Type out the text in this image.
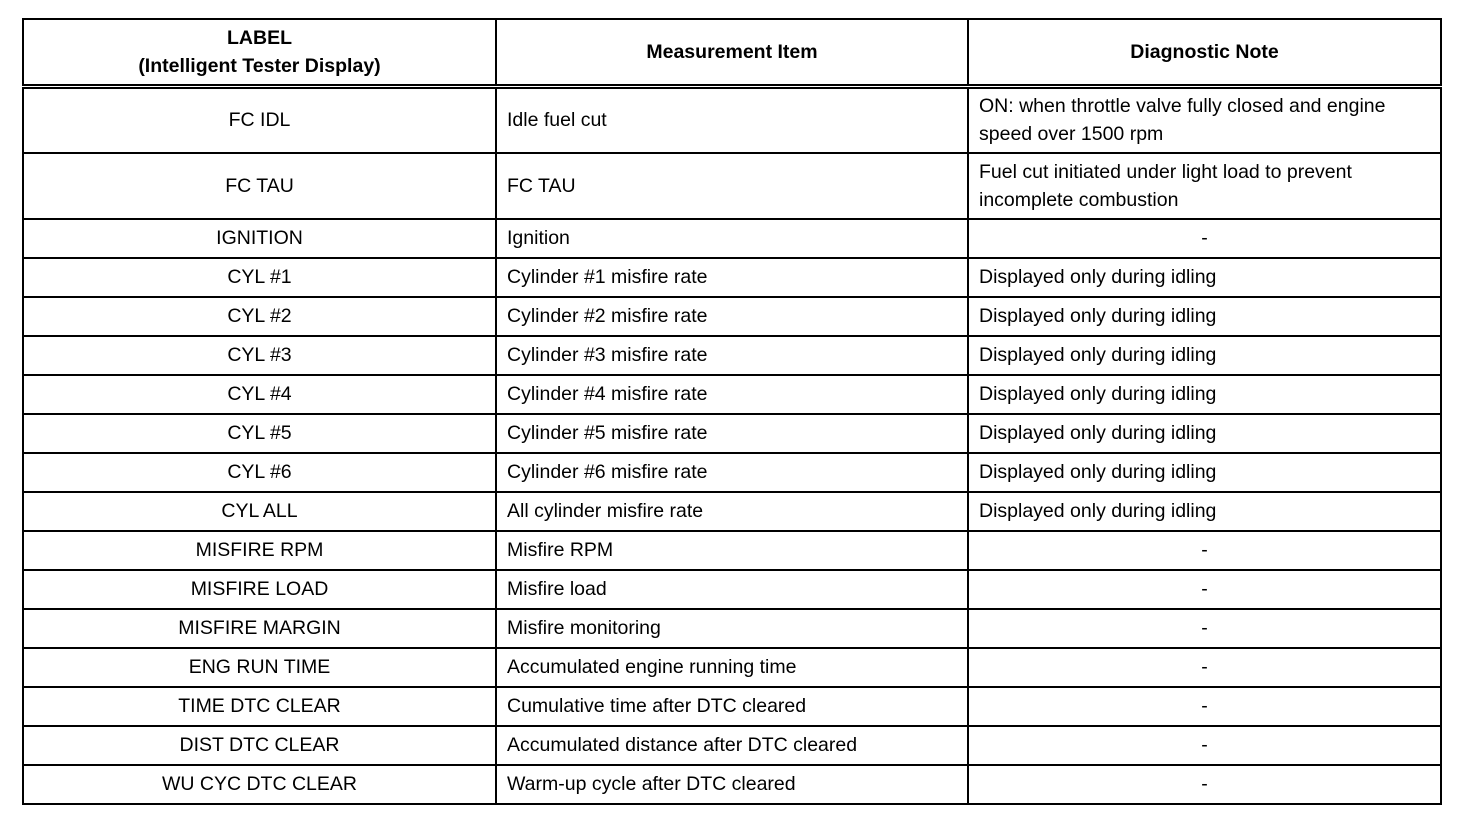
LABEL
(Intelligent Tester Display)	Measurement Item	Diagnostic Note
FC IDL	Idle fuel cut	ON: when throttle valve fully closed and engine speed over 1500 rpm
FC TAU	FC TAU	Fuel cut initiated under light load to prevent incomplete combustion
IGNITION	Ignition	-
CYL #1	Cylinder #1 misfire rate	Displayed only during idling
CYL #2	Cylinder #2 misfire rate	Displayed only during idling
CYL #3	Cylinder #3 misfire rate	Displayed only during idling
CYL #4	Cylinder #4 misfire rate	Displayed only during idling
CYL #5	Cylinder #5 misfire rate	Displayed only during idling
CYL #6	Cylinder #6 misfire rate	Displayed only during idling
CYL ALL	All cylinder misfire rate	Displayed only during idling
MISFIRE RPM	Misfire RPM	-
MISFIRE LOAD	Misfire load	-
MISFIRE MARGIN	Misfire monitoring	-
ENG RUN TIME	Accumulated engine running time	-
TIME DTC CLEAR	Cumulative time after DTC cleared	-
DIST DTC CLEAR	Accumulated distance after DTC cleared	-
WU CYC DTC CLEAR	Warm-up cycle after DTC cleared	-
